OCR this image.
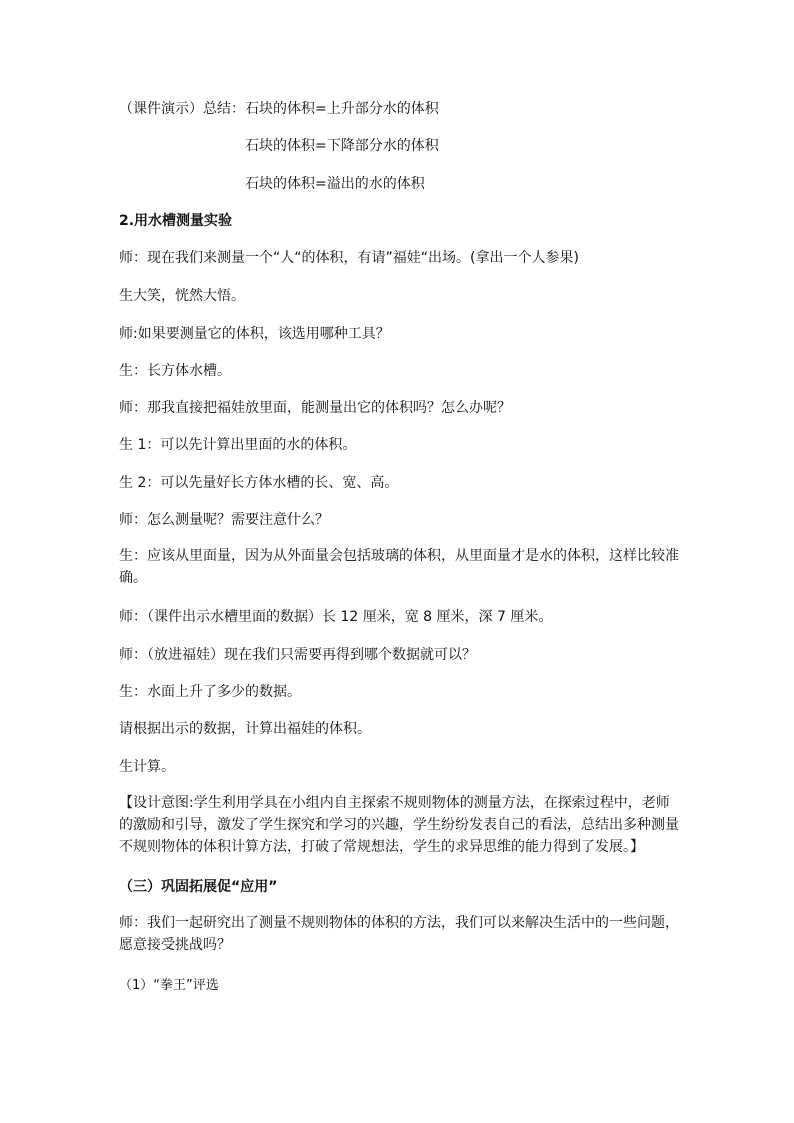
（课件演示）总结：石块的体积=上升部分水的体积
石块的体积=下降部分水的体积
石块的体积=溢出的水的体积
2.用水槽测量实验
师：现在我们来测量一个“人“的体积，有请”福娃“出场。(拿出一个人参果)
生大笑，恍然大悟。
师:如果要测量它的体积，该选用哪种工具？
生：长方体水槽。
师：那我直接把福娃放里面，能测量出它的体积吗？怎么办呢？
生 1：可以先计算出里面的水的体积。
生 2：可以先量好长方体水槽的长、宽、高。
师：怎么测量呢？需要注意什么？
生：应该从里面量，因为从外面量会包括玻璃的体积，从里面量才是水的体积，这样比较准确。
师：（课件出示水槽里面的数据）长 12 厘米，宽 8 厘米，深 7 厘米。
师：（放进福娃）现在我们只需要再得到哪个数据就可以？
生：水面上升了多少的数据。
请根据出示的数据，计算出福娃的体积。
生计算。
【设计意图:学生利用学具在小组内自主探索不规则物体的测量方法，在探索过程中，老师的激励和引导，激发了学生探究和学习的兴趣，学生纷纷发表自己的看法，总结出多种测量不规则物体的体积计算方法，打破了常规想法，学生的求异思维的能力得到了发展。】
（三）巩固拓展促“应用”
师：我们一起研究出了测量不规则物体的体积的方法，我们可以来解决生活中的一些问题，愿意接受挑战吗？
（1）“拳王”评选
